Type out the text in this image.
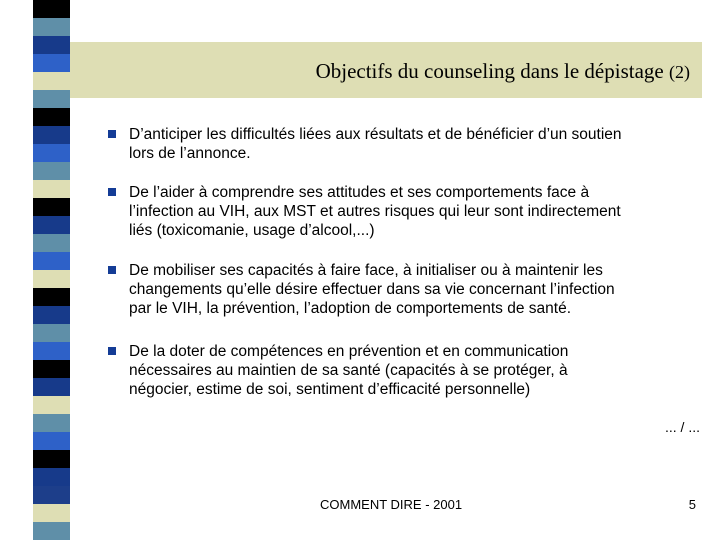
Objectifs du counseling dans le dépistage (2)
D’anticiper les difficultés liées aux résultats et de bénéficier d’un soutien
lors de l’annonce.
De l’aider à comprendre ses attitudes et ses comportements face à
l’infection au VIH, aux MST et autres risques qui leur sont indirectement
liés (toxicomanie, usage d’alcool,...)
De mobiliser ses capacités à faire face, à initialiser ou à maintenir les
changements qu’elle désire effectuer dans sa vie concernant l’infection
par le VIH, la prévention, l’adoption de comportements de santé.
De la doter de compétences en prévention et en communication
nécessaires au maintien de sa santé (capacités à se protéger, à
négocier, estime de soi, sentiment d’efficacité personnelle)
... / ...
COMMENT DIRE - 2001	5
